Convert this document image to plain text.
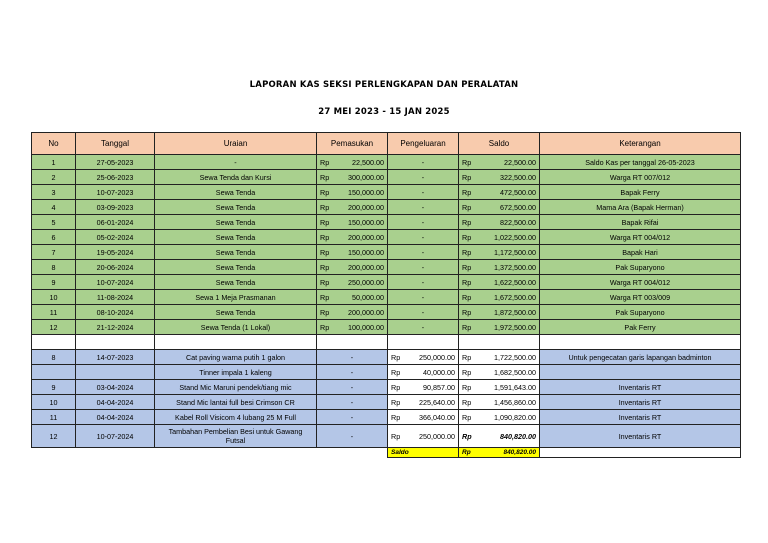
LAPORAN KAS SEKSI PERLENGKAPAN DAN PERALATAN
27 MEI 2023 - 15 JAN 2025
No	Tanggal	Uraian	Pemasukan	Pengeluaran	Saldo	Keterangan
1	27-05-2023	-	Rp 22,500.00	-	Rp 22,500.00	Saldo Kas per tanggal 26-05-2023
2	25-06-2023	Sewa Tenda dan Kursi	Rp 300,000.00	-	Rp 322,500.00	Warga RT 007/012
3	10-07-2023	Sewa Tenda	Rp 150,000.00	-	Rp 472,500.00	Bapak Ferry
4	03-09-2023	Sewa Tenda	Rp 200,000.00	-	Rp 672,500.00	Mama Ara (Bapak Herman)
5	06-01-2024	Sewa Tenda	Rp 150,000.00	-	Rp 822,500.00	Bapak Rifai
6	05-02-2024	Sewa Tenda	Rp 200,000.00	-	Rp 1,022,500.00	Warga RT 004/012
7	19-05-2024	Sewa Tenda	Rp 150,000.00	-	Rp 1,172,500.00	Bapak Hari
8	20-06-2024	Sewa Tenda	Rp 200,000.00	-	Rp 1,372,500.00	Pak Suparyono
9	10-07-2024	Sewa Tenda	Rp 250,000.00	-	Rp 1,622,500.00	Warga RT 004/012
10	11-08-2024	Sewa 1 Meja Prasmanan	Rp 50,000.00	-	Rp 1,672,500.00	Warga RT 003/009
11	08-10-2024	Sewa Tenda	Rp 200,000.00	-	Rp 1,872,500.00	Pak Suparyono
12	21-12-2024	Sewa Tenda (1 Lokal)	Rp 100,000.00	-	Rp 1,972,500.00	Pak Ferry

8	14-07-2023	Cat paving warna putih 1 galon	-	Rp 250,000.00	Rp 1,722,500.00	Untuk pengecatan garis lapangan badminton

		Tinner impala 1 kaleng	-	Rp 40,000.00	Rp 1,682,500.00	

9	03-04-2024	Stand Mic Maruni pendek/tiang mic	-	Rp 90,857.00	Rp 1,591,643.00	Inventaris RT
10	04-04-2024	Stand Mic lantai full besi Crimson CR	-	Rp 225,640.00	Rp 1,456,860.00	Inventaris RT
11	04-04-2024	Kabel Roll Visicom 4 lubang 25 M Full	-	Rp 366,040.00	Rp 1,090,820.00	Inventaris RT
12	10-07-2024	Tambahan Pembelian Besi untuk Gawang Futsal	-	Rp 250,000.00	Rp 840,820.00	Inventaris RT
				Saldo	Rp 840,820.00	
